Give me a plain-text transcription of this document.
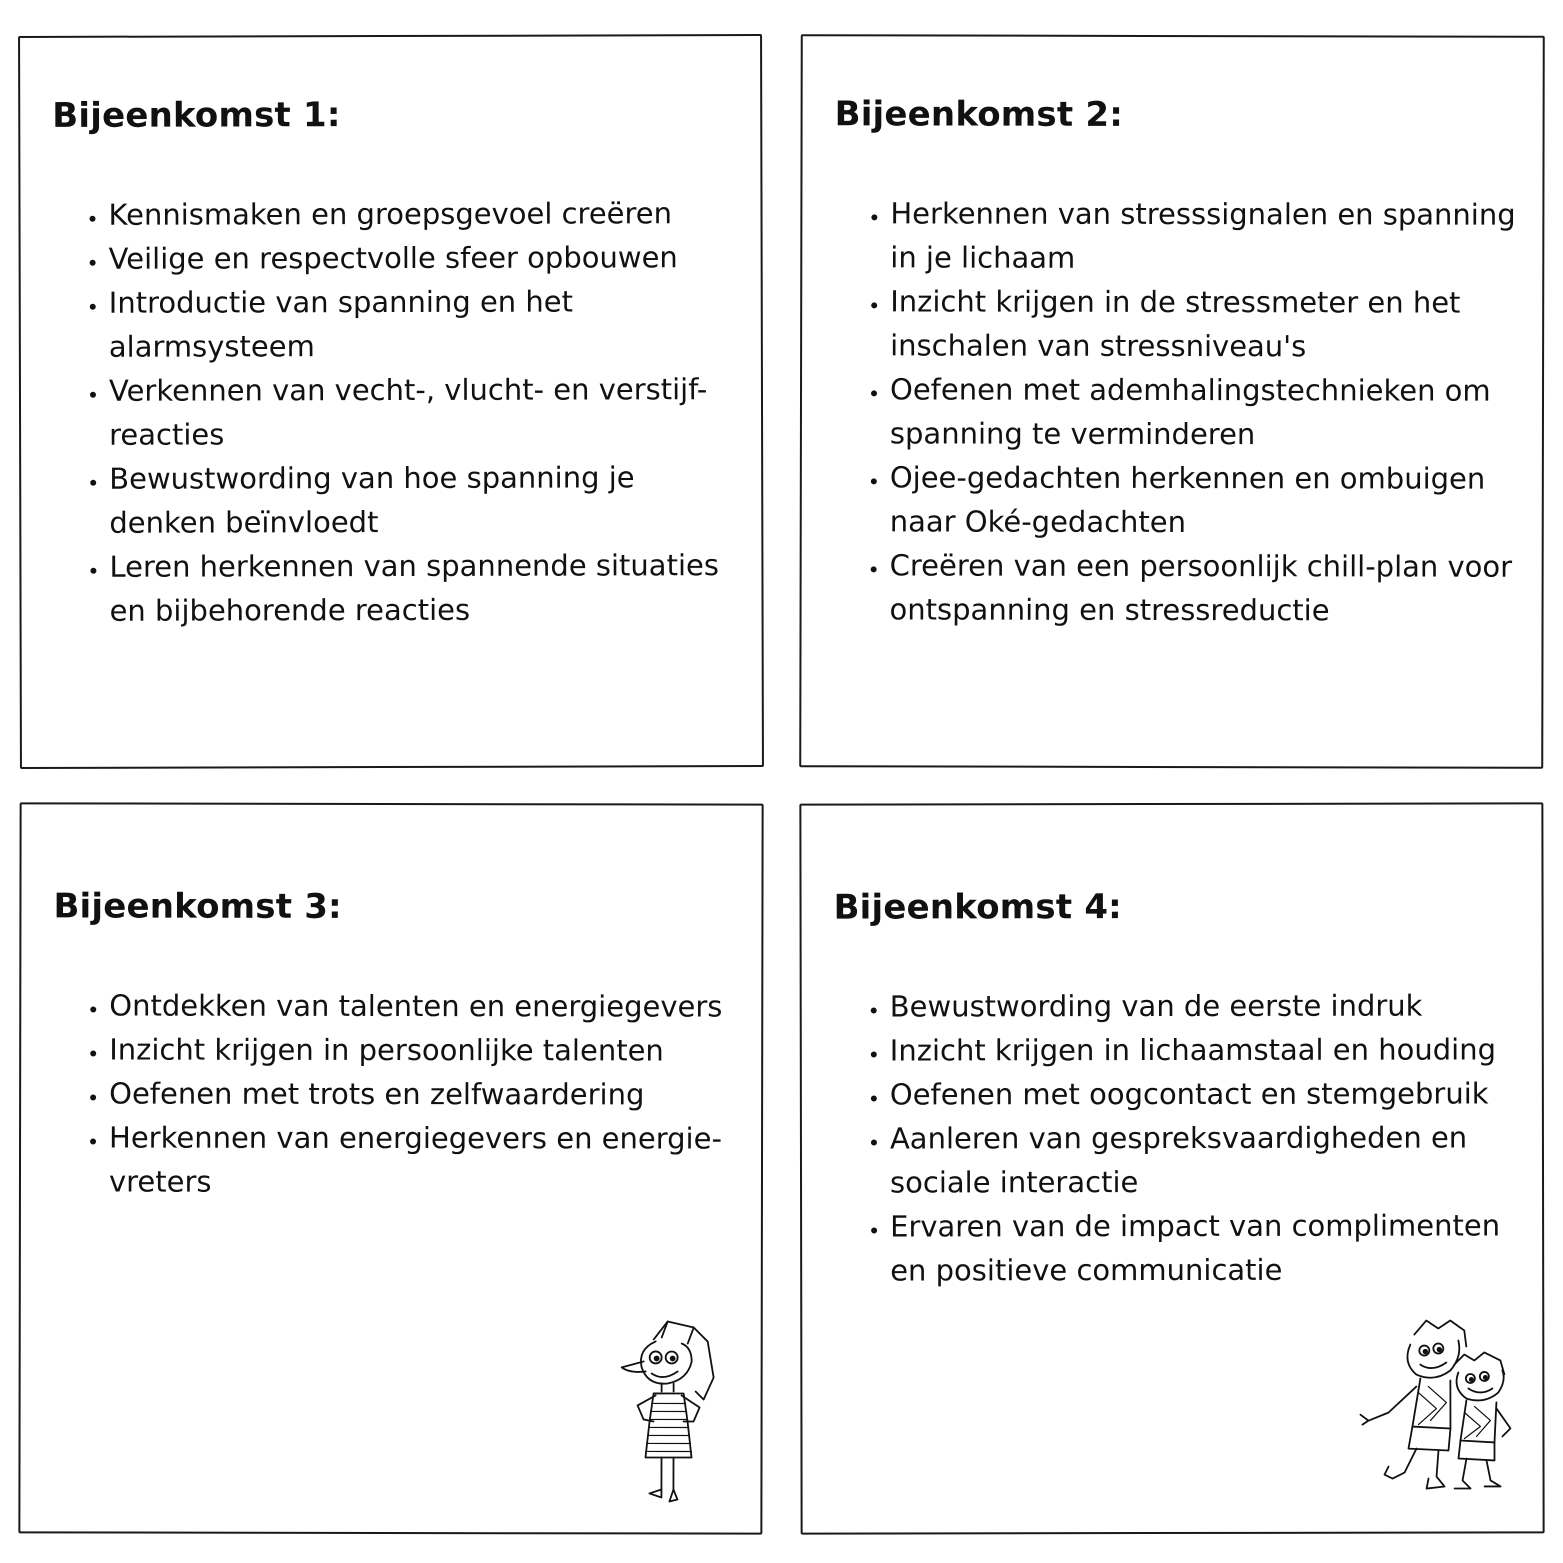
Bijeenkomst 1:
• Kennismaken en groepsgevoel creëren
• Veilige en respectvolle sfeer opbouwen
• Introductie van spanning en het alarmsysteem
• Verkennen van vecht-, vlucht- en verstijf-reacties
• Bewustwording van hoe spanning je denken beïnvloedt
• Leren herkennen van spannende situaties en bijbehorende reacties
Bijeenkomst 2:
• Herkennen van stresssignalen en spanning in je lichaam
• Inzicht krijgen in de stressmeter en het inschalen van stressniveau's
• Oefenen met ademhalingstechnieken om spanning te verminderen
• Ojee-gedachten herkennen en ombuigen naar Oké-gedachten
• Creëren van een persoonlijk chill-plan voor ontspanning en stressreductie
Bijeenkomst 3:
• Ontdekken van talenten en energiegevers
• Inzicht krijgen in persoonlijke talenten
• Oefenen met trots en zelfwaardering
• Herkennen van energiegevers en energie-vreters
Bijeenkomst 4:
• Bewustwording van de eerste indruk
• Inzicht krijgen in lichaamstaal en houding
• Oefenen met oogcontact en stemgebruik
• Aanleren van gespreksvaardigheden en sociale interactie
• Ervaren van de impact van complimenten en positieve communicatie
